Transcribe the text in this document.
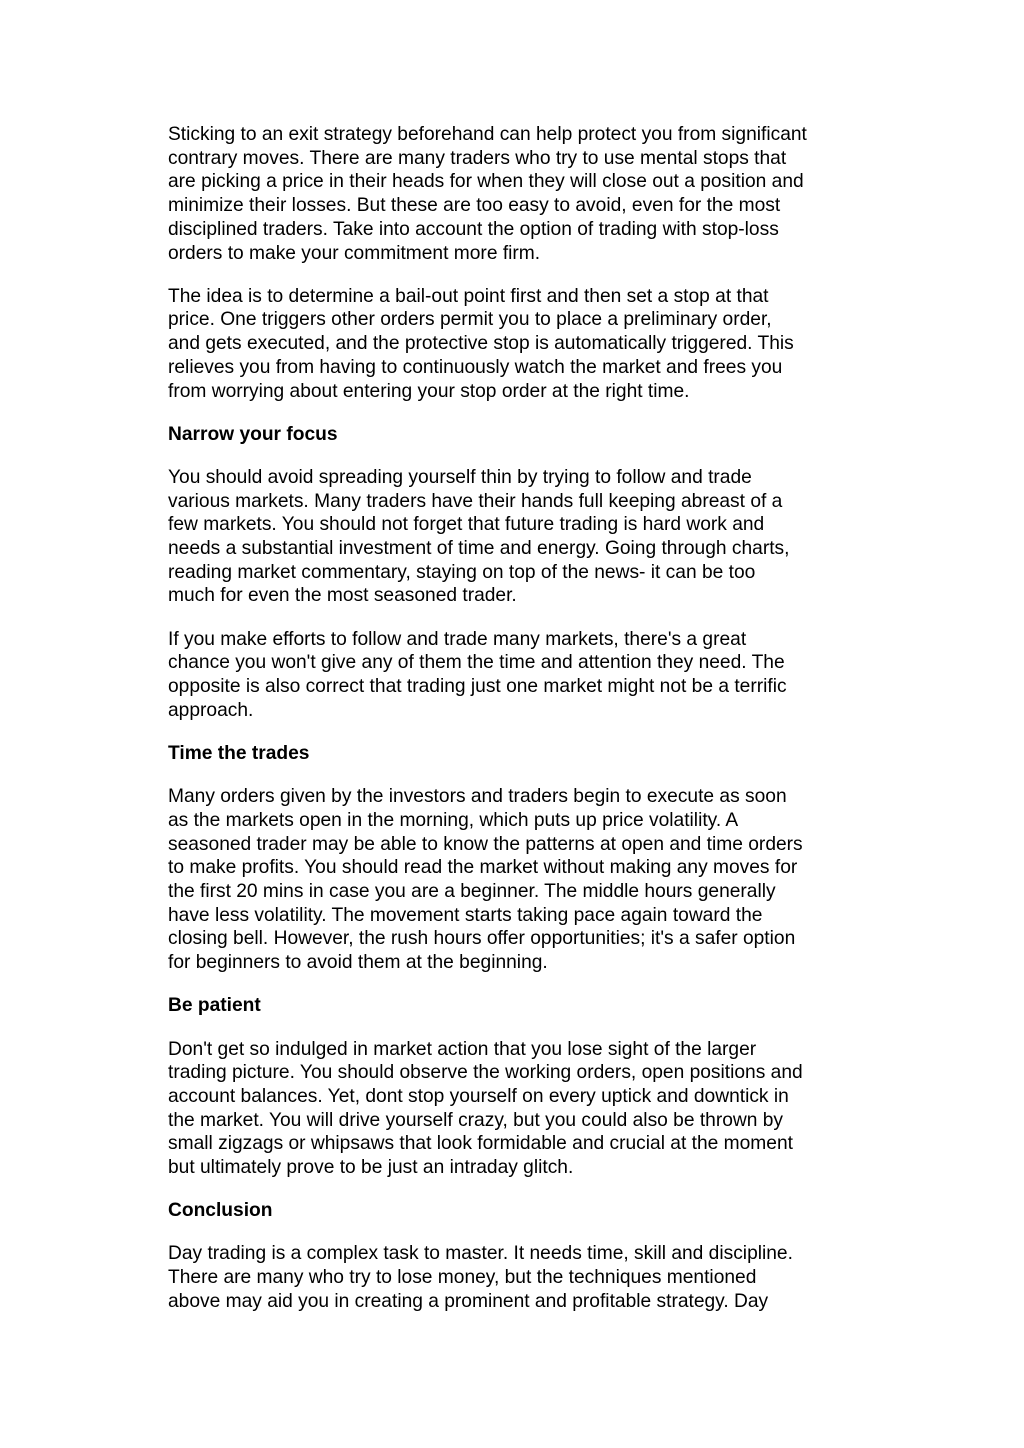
Sticking to an exit strategy beforehand can help protect you from significant
contrary moves. There are many traders who try to use mental stops that
are picking a price in their heads for when they will close out a position and
minimize their losses. But these are too easy to avoid, even for the most
disciplined traders. Take into account the option of trading with stop-loss
orders to make your commitment more firm.

The idea is to determine a bail-out point first and then set a stop at that
price. One triggers other orders permit you to place a preliminary order,
and gets executed, and the protective stop is automatically triggered. This
relieves you from having to continuously watch the market and frees you
from worrying about entering your stop order at the right time.

Narrow your focus

You should avoid spreading yourself thin by trying to follow and trade
various markets. Many traders have their hands full keeping abreast of a
few markets. You should not forget that future trading is hard work and
needs a substantial investment of time and energy. Going through charts,
reading market commentary, staying on top of the news- it can be too
much for even the most seasoned trader.

If you make efforts to follow and trade many markets, there's a great
chance you won't give any of them the time and attention they need. The
opposite is also correct that trading just one market might not be a terrific
approach.

Time the trades

Many orders given by the investors and traders begin to execute as soon
as the markets open in the morning, which puts up price volatility. A
seasoned trader may be able to know the patterns at open and time orders
to make profits. You should read the market without making any moves for
the first 20 mins in case you are a beginner. The middle hours generally
have less volatility. The movement starts taking pace again toward the
closing bell. However, the rush hours offer opportunities; it's a safer option
for beginners to avoid them at the beginning.

Be patient

Don't get so indulged in market action that you lose sight of the larger
trading picture. You should observe the working orders, open positions and
account balances. Yet, dont stop yourself on every uptick and downtick in
the market. You will drive yourself crazy, but you could also be thrown by
small zigzags or whipsaws that look formidable and crucial at the moment
but ultimately prove to be just an intraday glitch.

Conclusion

Day trading is a complex task to master. It needs time, skill and discipline.
There are many who try to lose money, but the techniques mentioned
above may aid you in creating a prominent and profitable strategy. Day
